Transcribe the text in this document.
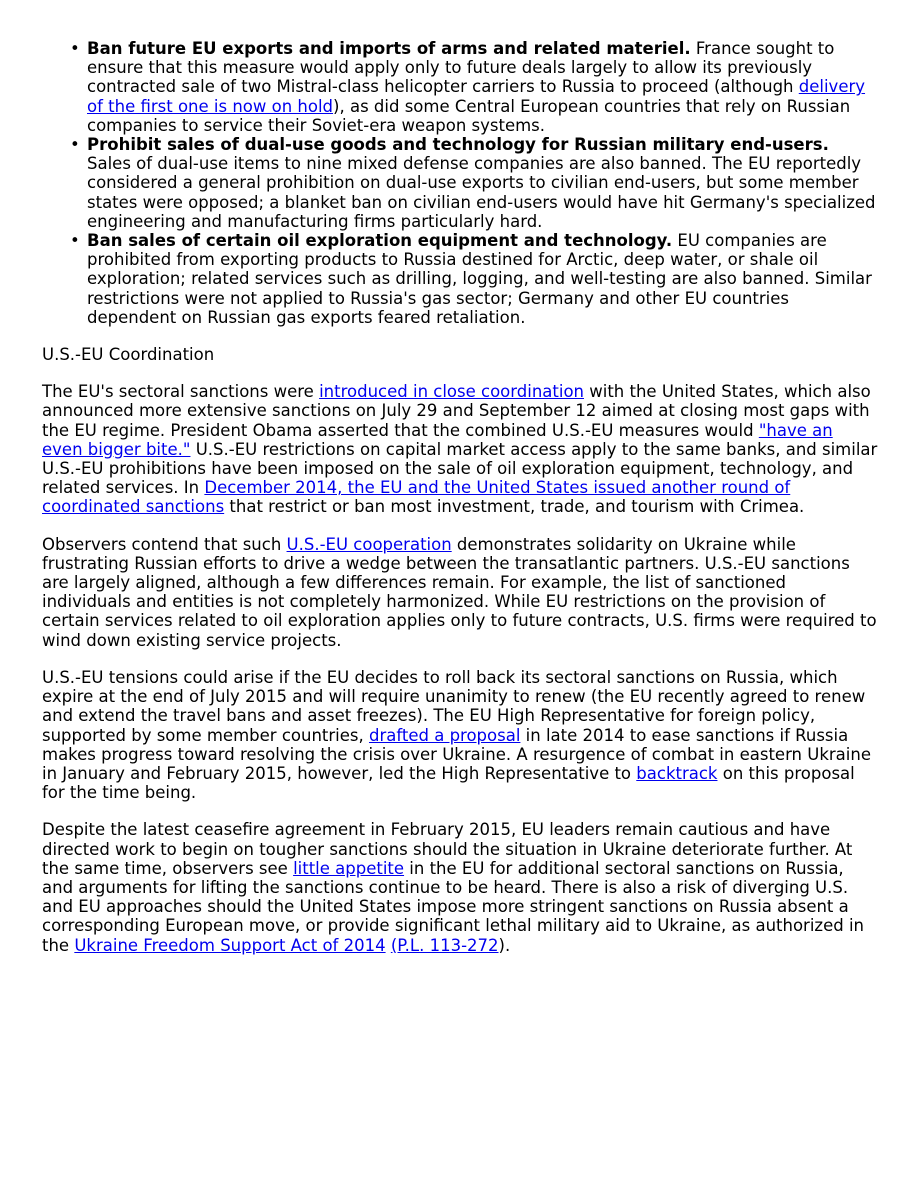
• Ban future EU exports and imports of arms and related materiel. France sought to ensure that this measure would apply only to future deals largely to allow its previously contracted sale of two Mistral-class helicopter carriers to Russia to proceed (although delivery of the first one is now on hold), as did some Central European countries that rely on Russian companies to service their Soviet-era weapon systems.
• Prohibit sales of dual-use goods and technology for Russian military end-users. Sales of dual-use items to nine mixed defense companies are also banned. The EU reportedly considered a general prohibition on dual-use exports to civilian end-users, but some member states were opposed; a blanket ban on civilian end-users would have hit Germany's specialized engineering and manufacturing firms particularly hard.
• Ban sales of certain oil exploration equipment and technology. EU companies are prohibited from exporting products to Russia destined for Arctic, deep water, or shale oil exploration; related services such as drilling, logging, and well-testing are also banned. Similar restrictions were not applied to Russia's gas sector; Germany and other EU countries dependent on Russian gas exports feared retaliation.

U.S.-EU Coordination

The EU's sectoral sanctions were introduced in close coordination with the United States, which also announced more extensive sanctions on July 29 and September 12 aimed at closing most gaps with the EU regime. President Obama asserted that the combined U.S.-EU measures would "have an even bigger bite." U.S.-EU restrictions on capital market access apply to the same banks, and similar U.S.-EU prohibitions have been imposed on the sale of oil exploration equipment, technology, and related services. In December 2014, the EU and the United States issued another round of coordinated sanctions that restrict or ban most investment, trade, and tourism with Crimea.

Observers contend that such U.S.-EU cooperation demonstrates solidarity on Ukraine while frustrating Russian efforts to drive a wedge between the transatlantic partners. U.S.-EU sanctions are largely aligned, although a few differences remain. For example, the list of sanctioned individuals and entities is not completely harmonized. While EU restrictions on the provision of certain services related to oil exploration applies only to future contracts, U.S. firms were required to wind down existing service projects.

U.S.-EU tensions could arise if the EU decides to roll back its sectoral sanctions on Russia, which expire at the end of July 2015 and will require unanimity to renew (the EU recently agreed to renew and extend the travel bans and asset freezes). The EU High Representative for foreign policy, supported by some member countries, drafted a proposal in late 2014 to ease sanctions if Russia makes progress toward resolving the crisis over Ukraine. A resurgence of combat in eastern Ukraine in January and February 2015, however, led the High Representative to backtrack on this proposal for the time being.

Despite the latest ceasefire agreement in February 2015, EU leaders remain cautious and have directed work to begin on tougher sanctions should the situation in Ukraine deteriorate further. At the same time, observers see little appetite in the EU for additional sectoral sanctions on Russia, and arguments for lifting the sanctions continue to be heard. There is also a risk of diverging U.S. and EU approaches should the United States impose more stringent sanctions on Russia absent a corresponding European move, or provide significant lethal military aid to Ukraine, as authorized in the Ukraine Freedom Support Act of 2014 (P.L. 113-272).
